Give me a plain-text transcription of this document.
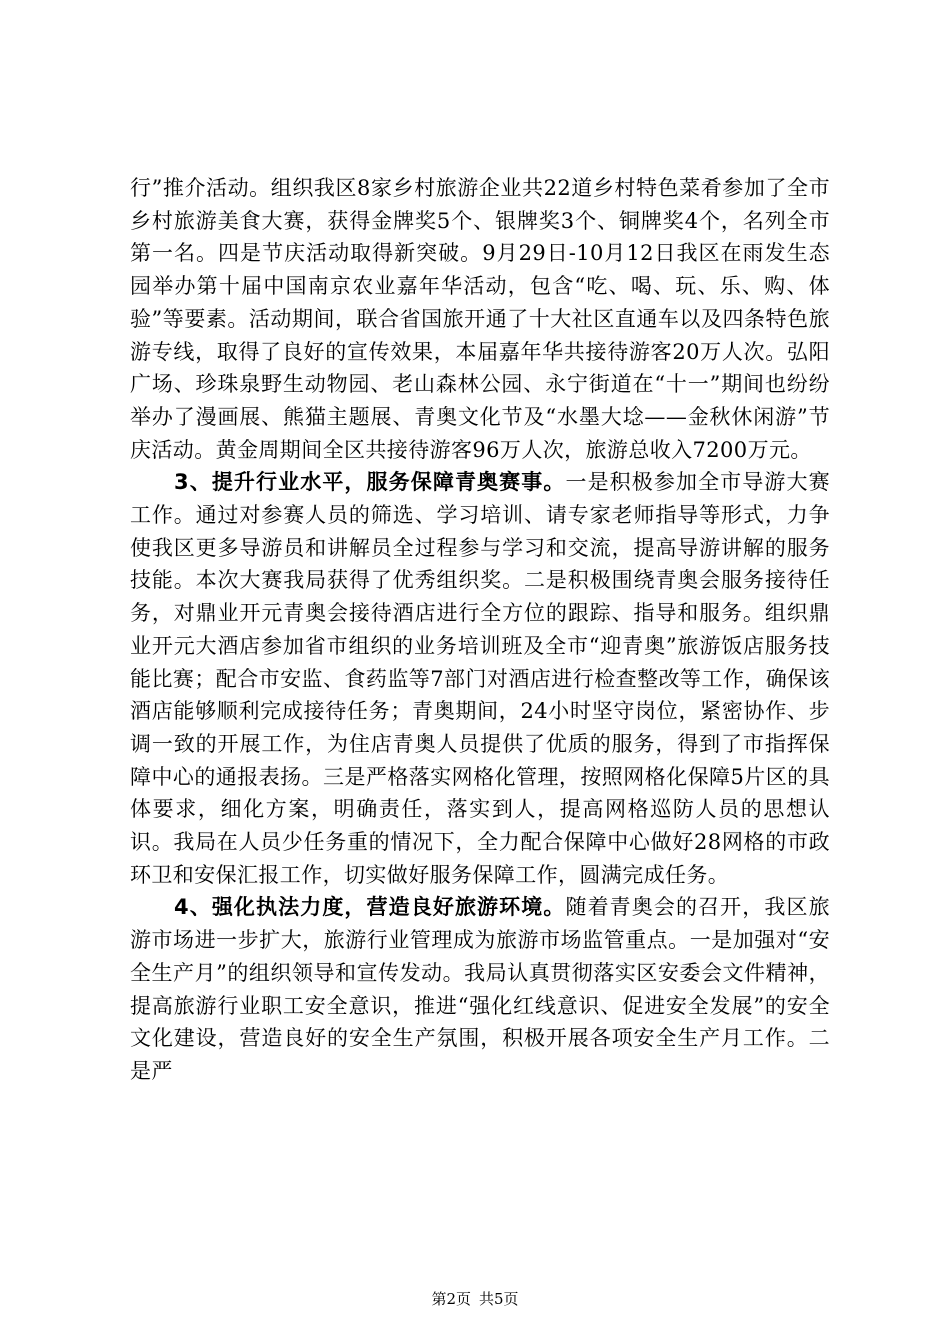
行”推介活动。组织我区8家乡村旅游企业共22道乡村特色菜肴参加了全市乡村旅游美食大赛，获得金牌奖5个、银牌奖3个、铜牌奖4个，名列全市第一名。四是节庆活动取得新突破。9月29日-10月12日我区在雨发生态园举办第十届中国南京农业嘉年华活动，包含“吃、喝、玩、乐、购、体验”等要素。活动期间，联合省国旅开通了十大社区直通车以及四条特色旅游专线，取得了良好的宣传效果，本届嘉年华共接待游客20万人次。弘阳广场、珍珠泉野生动物园、老山森林公园、永宁街道在“十一”期间也纷纷举办了漫画展、熊猫主题展、青奥文化节及“水墨大埝——金秋休闲游”节庆活动。黄金周期间全区共接待游客96万人次，旅游总收入7200万元。

3、提升行业水平，服务保障青奥赛事。一是积极参加全市导游大赛工作。通过对参赛人员的筛选、学习培训、请专家老师指导等形式，力争使我区更多导游员和讲解员全过程参与学习和交流，提高导游讲解的服务技能。本次大赛我局获得了优秀组织奖。二是积极围绕青奥会服务接待任务，对鼎业开元青奥会接待酒店进行全方位的跟踪、指导和服务。组织鼎业开元大酒店参加省市组织的业务培训班及全市“迎青奥”旅游饭店服务技能比赛；配合市安监、食药监等7部门对酒店进行检查整改等工作，确保该酒店能够顺利完成接待任务；青奥期间，24小时坚守岗位，紧密协作、步调一致的开展工作，为住店青奥人员提供了优质的服务，得到了市指挥保障中心的通报表扬。三是严格落实网格化管理，按照网格化保障5片区的具体要求，细化方案，明确责任，落实到人，提高网格巡防人员的思想认识。我局在人员少任务重的情况下，全力配合保障中心做好28网格的市政环卫和安保汇报工作，切实做好服务保障工作，圆满完成任务。

4、强化执法力度，营造良好旅游环境。随着青奥会的召开，我区旅游市场进一步扩大，旅游行业管理成为旅游市场监管重点。一是加强对“安全生产月”的组织领导和宣传发动。我局认真贯彻落实区安委会文件精神，提高旅游行业职工安全意识，推进“强化红线意识、促进安全发展”的安全文化建设，营造良好的安全生产氛围，积极开展各项安全生产月工作。二是严

第2页 共5页
